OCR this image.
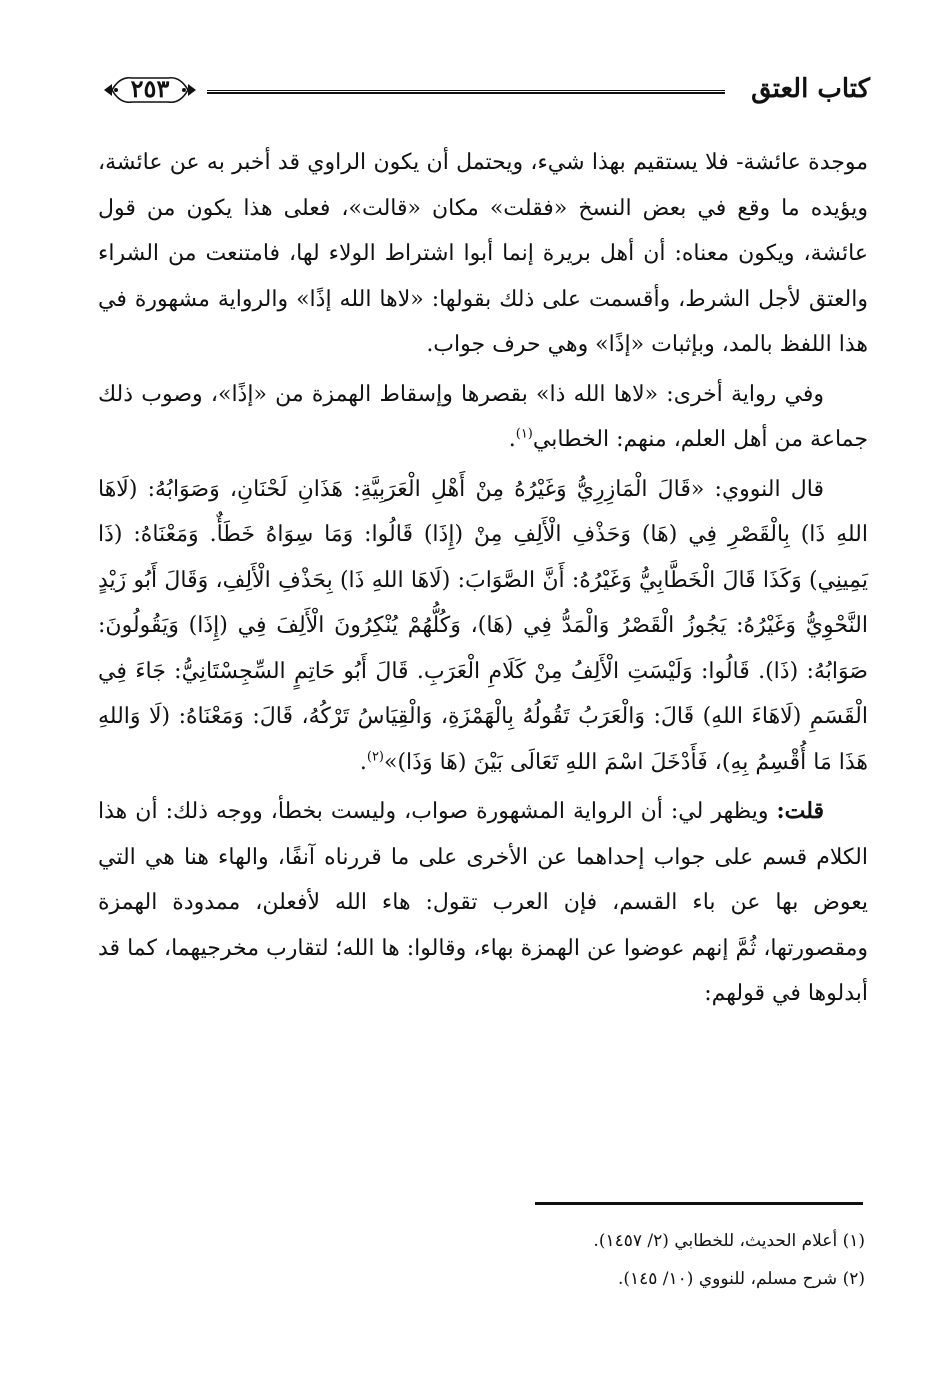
كتاب العتق
٢٥٣

موجدة عائشة- فلا يستقيم بهذا شيء، ويحتمل أن يكون الراوي قد أخبر به عن عائشة، ويؤيده ما وقع في بعض النسخ «فقلت» مكان «قالت»، فعلى هذا يكون من قول عائشة، ويكون معناه: أن أهل بريرة إنما أبوا اشتراط الولاء لها، فامتنعت من الشراء والعتق لأجل الشرط، وأقسمت على ذلك بقولها: «لاها الله إذًا» والرواية مشهورة في هذا اللفظ بالمد، وبإثبات «إذًا» وهي حرف جواب.

وفي رواية أخرى: «لاها الله ذا» بقصرها وإسقاط الهمزة من «إذًا»، وصوب ذلك جماعة من أهل العلم، منهم: الخطابي$^{(١)}$.

قال النووي: «قَالَ الْمَازِرِيُّ وَغَيْرُهُ مِنْ أَهْلِ الْعَرَبِيَّةِ: هَذَانِ لَحْنَانِ، وَصَوَابُهُ: (لَاهَا اللهِ ذَا) بِالْقَصْرِ فِي (هَا) وَحَذْفِ الْأَلِفِ مِنْ (إِذَا) قَالُوا: وَمَا سِوَاهُ خَطَأٌ. وَمَعْنَاهُ: (ذَا يَمِينِي) وَكَذَا قَالَ الْخَطَّابِيُّ وَغَيْرُهُ: أَنَّ الصَّوَابَ: (لَاهَا اللهِ ذَا) بِحَذْفِ الْأَلِفِ، وَقَالَ أَبُو زَيْدٍ النَّحْوِيُّ وَغَيْرُهُ: يَجُوزُ الْقَصْرُ وَالْمَدُّ فِي (هَا)، وَكُلُّهُمْ يُنْكِرُونَ الْأَلِفَ فِي (إِذَا) وَيَقُولُونَ: صَوَابُهُ: (ذَا). قَالُوا: وَلَيْسَتِ الْأَلِفُ مِنْ كَلَامِ الْعَرَبِ. قَالَ أَبُو حَاتِمٍ السِّجِسْتَانِيُّ: جَاءَ فِي الْقَسَمِ (لَاهَاءَ اللهِ) قَالَ: وَالْعَرَبُ تَقُولُهُ بِالْهَمْزَةِ، وَالْقِيَاسُ تَرْكُهُ، قَالَ: وَمَعْنَاهُ: (لَا وَاللهِ هَذَا مَا أُقْسِمُ بِهِ)، فَأَدْخَلَ اسْمَ اللهِ تَعَالَى بَيْنَ (هَا وَذَا)»$^{(٢)}$.

قلت: ويظهر لي: أن الرواية المشهورة صواب، وليست بخطأ، ووجه ذلك: أن هذا الكلام قسم على جواب إحداهما عن الأخرى على ما قررناه آنفًا، والهاء هنا هي التي يعوض بها عن باء القسم، فإن العرب تقول: هاء الله لأفعلن، ممدودة الهمزة ومقصورتها، ثُمَّ إنهم عوضوا عن الهمزة بهاء، وقالوا: ها الله؛ لتقارب مخرجيهما، كما قد أبدلوها في قولهم:

(١) أعلام الحديث، للخطابي (٢/ ١٤٥٧).
(٢) شرح مسلم، للنووي (١٠/ ١٤٥).
